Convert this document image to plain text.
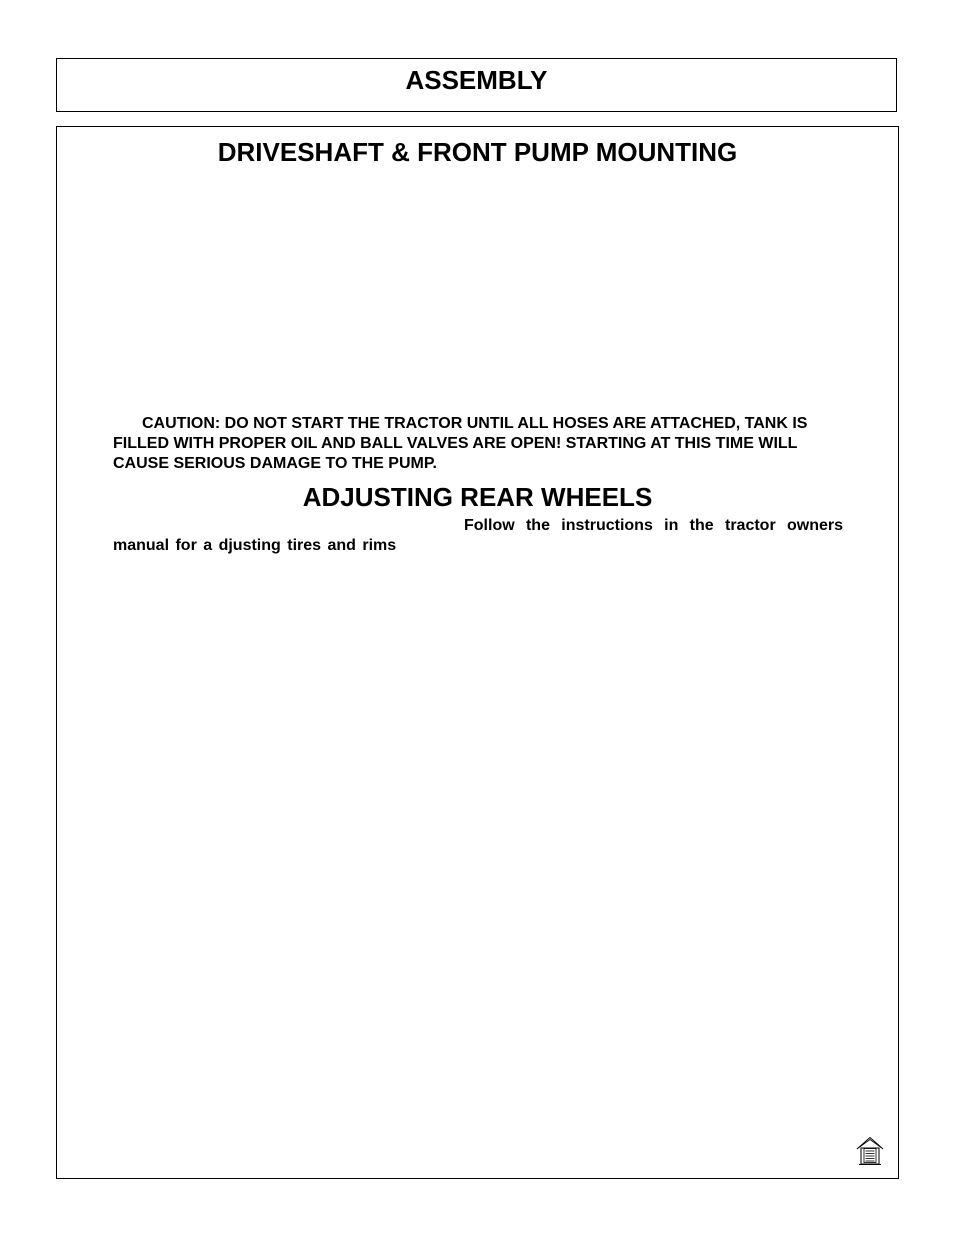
ASSEMBLY
DRIVESHAFT & FRONT PUMP MOUNTING
CAUTION: DO NOT START THE TRACTOR UNTIL ALL HOSES ARE ATTACHED, TANK IS FILLED WITH PROPER OIL AND BALL VALVES ARE OPEN! STARTING AT THIS TIME WILL CAUSE SERIOUS DAMAGE TO THE PUMP.
ADJUSTING REAR WHEELS
Follow the instructions in the tractor owners
manual for a djusting tires and rims
